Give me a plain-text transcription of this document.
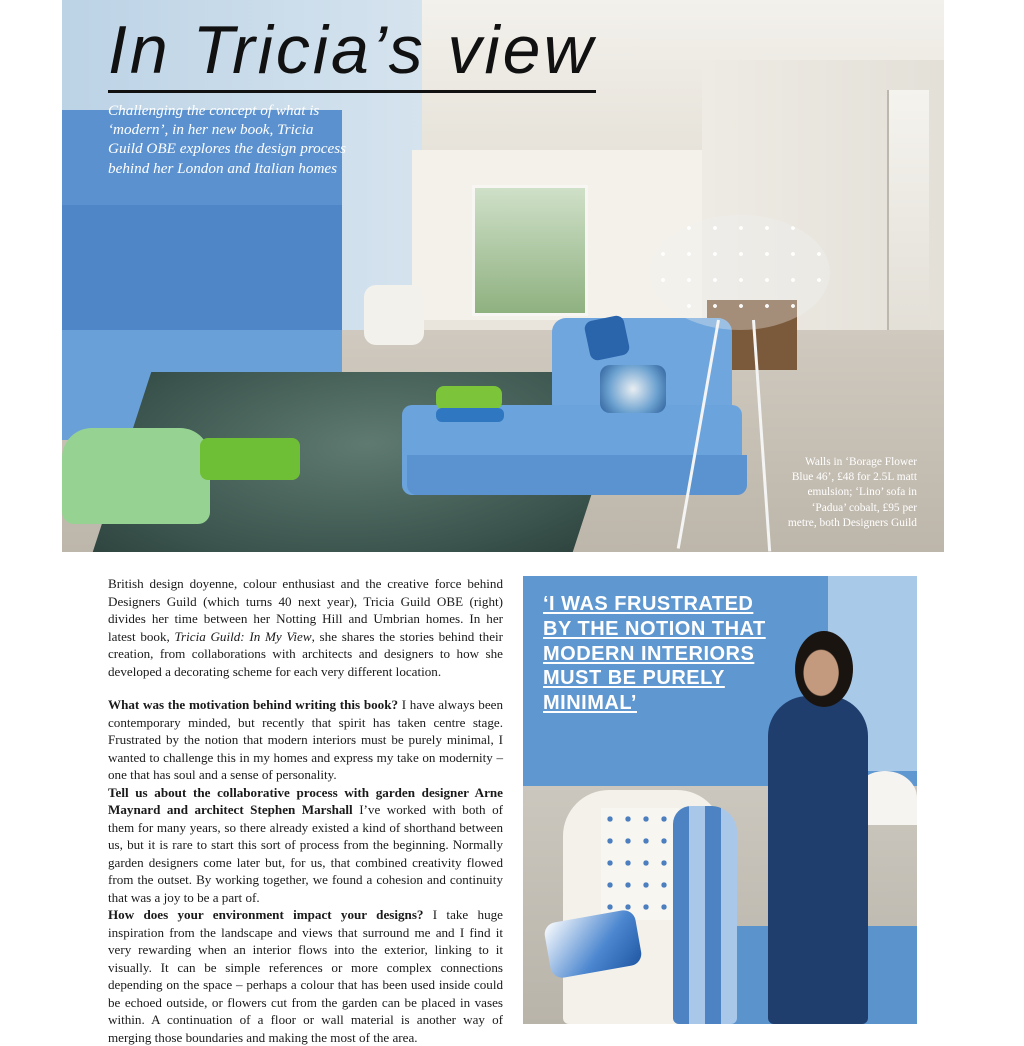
In Tricia’s view

Challenging the concept of what is ‘modern’, in her new book, Tricia Guild OBE explores the design process behind her London and Italian homes

Walls in ‘Borage Flower Blue 46’, £48 for 2.5L matt emulsion; ‘Lino’ sofa in ‘Padua’ cobalt, £95 per metre, both Designers Guild

British design doyenne, colour enthusiast and the creative force behind Designers Guild (which turns 40 next year), Tricia Guild OBE (right) divides her time between her Notting Hill and Umbrian homes. In her latest book, Tricia Guild: In My View, she shares the stories behind their creation, from collaborations with architects and designers to how she developed a decorating scheme for each very different location.

What was the motivation behind writing this book? I have always been contemporary minded, but recently that spirit has taken centre stage. Frustrated by the notion that modern interiors must be purely minimal, I wanted to challenge this in my homes and express my take on modernity – one that has soul and a sense of personality.

Tell us about the collaborative process with garden designer Arne Maynard and architect Stephen Marshall I’ve worked with both of them for many years, so there already existed a kind of shorthand between us, but it is rare to start this sort of process from the beginning. Normally garden designers come later but, for us, that combined creativity flowed from the outset. By working together, we found a cohesion and continuity that was a joy to be a part of.

How does your environment impact your designs? I take huge inspiration from the landscape and views that surround me and I find it very rewarding when an interior flows into the exterior, linking to it visually. It can be simple references or more complex connections depending on the space – perhaps a colour that has been used inside could be echoed outside, or flowers cut from the garden can be placed in vases within. A continuation of a floor or wall material is another way of merging those boundaries and making the most of the area.

‘I WAS FRUSTRATED BY THE NOTION THAT MODERN INTERIORS MUST BE PURELY MINIMAL’
